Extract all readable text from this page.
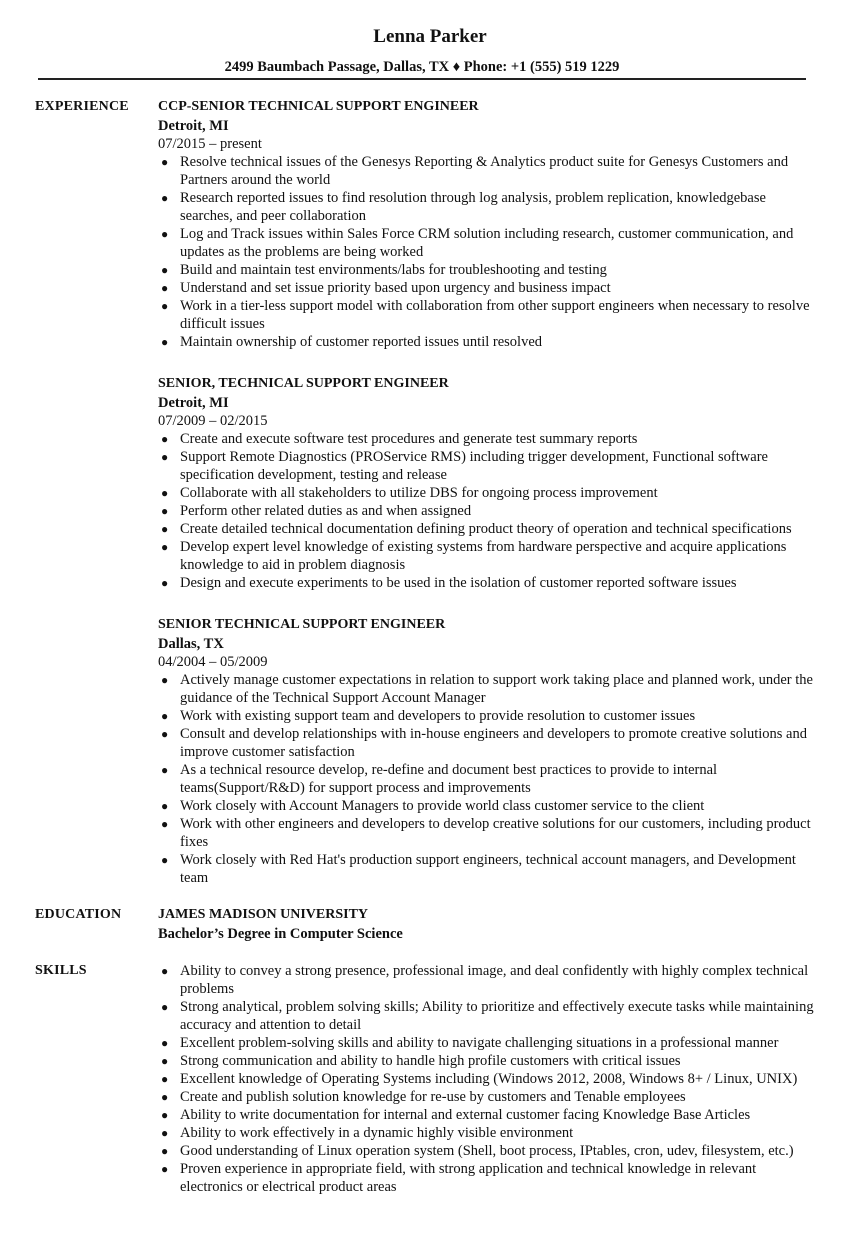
Lenna Parker
2499 Baumbach Passage, Dallas, TX ♦ Phone: +1 (555) 519 1229
EXPERIENCE CCP-SENIOR TECHNICAL SUPPORT ENGINEER
Detroit, MI
07/2015 – present
● Resolve technical issues of the Genesys Reporting & Analytics product suite for Genesys Customers and Partners around the world
● Research reported issues to find resolution through log analysis, problem replication, knowledgebase searches, and peer collaboration
● Log and Track issues within Sales Force CRM solution including research, customer communication, and updates as the problems are being worked
● Build and maintain test environments/labs for troubleshooting and testing
● Understand and set issue priority based upon urgency and business impact
● Work in a tier-less support model with collaboration from other support engineers when necessary to resolve difficult issues
● Maintain ownership of customer reported issues until resolved
SENIOR, TECHNICAL SUPPORT ENGINEER
Detroit, MI
07/2009 – 02/2015
● Create and execute software test procedures and generate test summary reports
● Support Remote Diagnostics (PROService RMS) including trigger development, Functional software specification development, testing and release
● Collaborate with all stakeholders to utilize DBS for ongoing process improvement
● Perform other related duties as and when assigned
● Create detailed technical documentation defining product theory of operation and technical specifications
● Develop expert level knowledge of existing systems from hardware perspective and acquire applications knowledge to aid in problem diagnosis
● Design and execute experiments to be used in the isolation of customer reported software issues
SENIOR TECHNICAL SUPPORT ENGINEER
Dallas, TX
04/2004 – 05/2009
● Actively manage customer expectations in relation to support work taking place and planned work, under the guidance of the Technical Support Account Manager
● Work with existing support team and developers to provide resolution to customer issues
● Consult and develop relationships with in-house engineers and developers to promote creative solutions and improve customer satisfaction
● As a technical resource develop, re-define and document best practices to provide to internal teams(Support/R&D) for support process and improvements
● Work closely with Account Managers to provide world class customer service to the client
● Work with other engineers and developers to develop creative solutions for our customers, including product fixes
● Work closely with Red Hat's production support engineers, technical account managers, and Development team
EDUCATION	JAMES MADISON UNIVERSITY
Bachelor’s Degree in Computer Science
SKILLS	● Ability to convey a strong presence, professional image, and deal confidently with highly complex technical problems
● Strong analytical, problem solving skills; Ability to prioritize and effectively execute tasks while maintaining accuracy and attention to detail
● Excellent problem-solving skills and ability to navigate challenging situations in a professional manner
● Strong communication and ability to handle high profile customers with critical issues
● Excellent knowledge of Operating Systems including (Windows 2012, 2008, Windows 8+ / Linux, UNIX)
● Create and publish solution knowledge for re-use by customers and Tenable employees
● Ability to write documentation for internal and external customer facing Knowledge Base Articles
● Ability to work effectively in a dynamic highly visible environment
● Good understanding of Linux operation system (Shell, boot process, IPtables, cron, udev, filesystem, etc.)
● Proven experience in appropriate field, with strong application and technical knowledge in relevant electronics or electrical product areas
